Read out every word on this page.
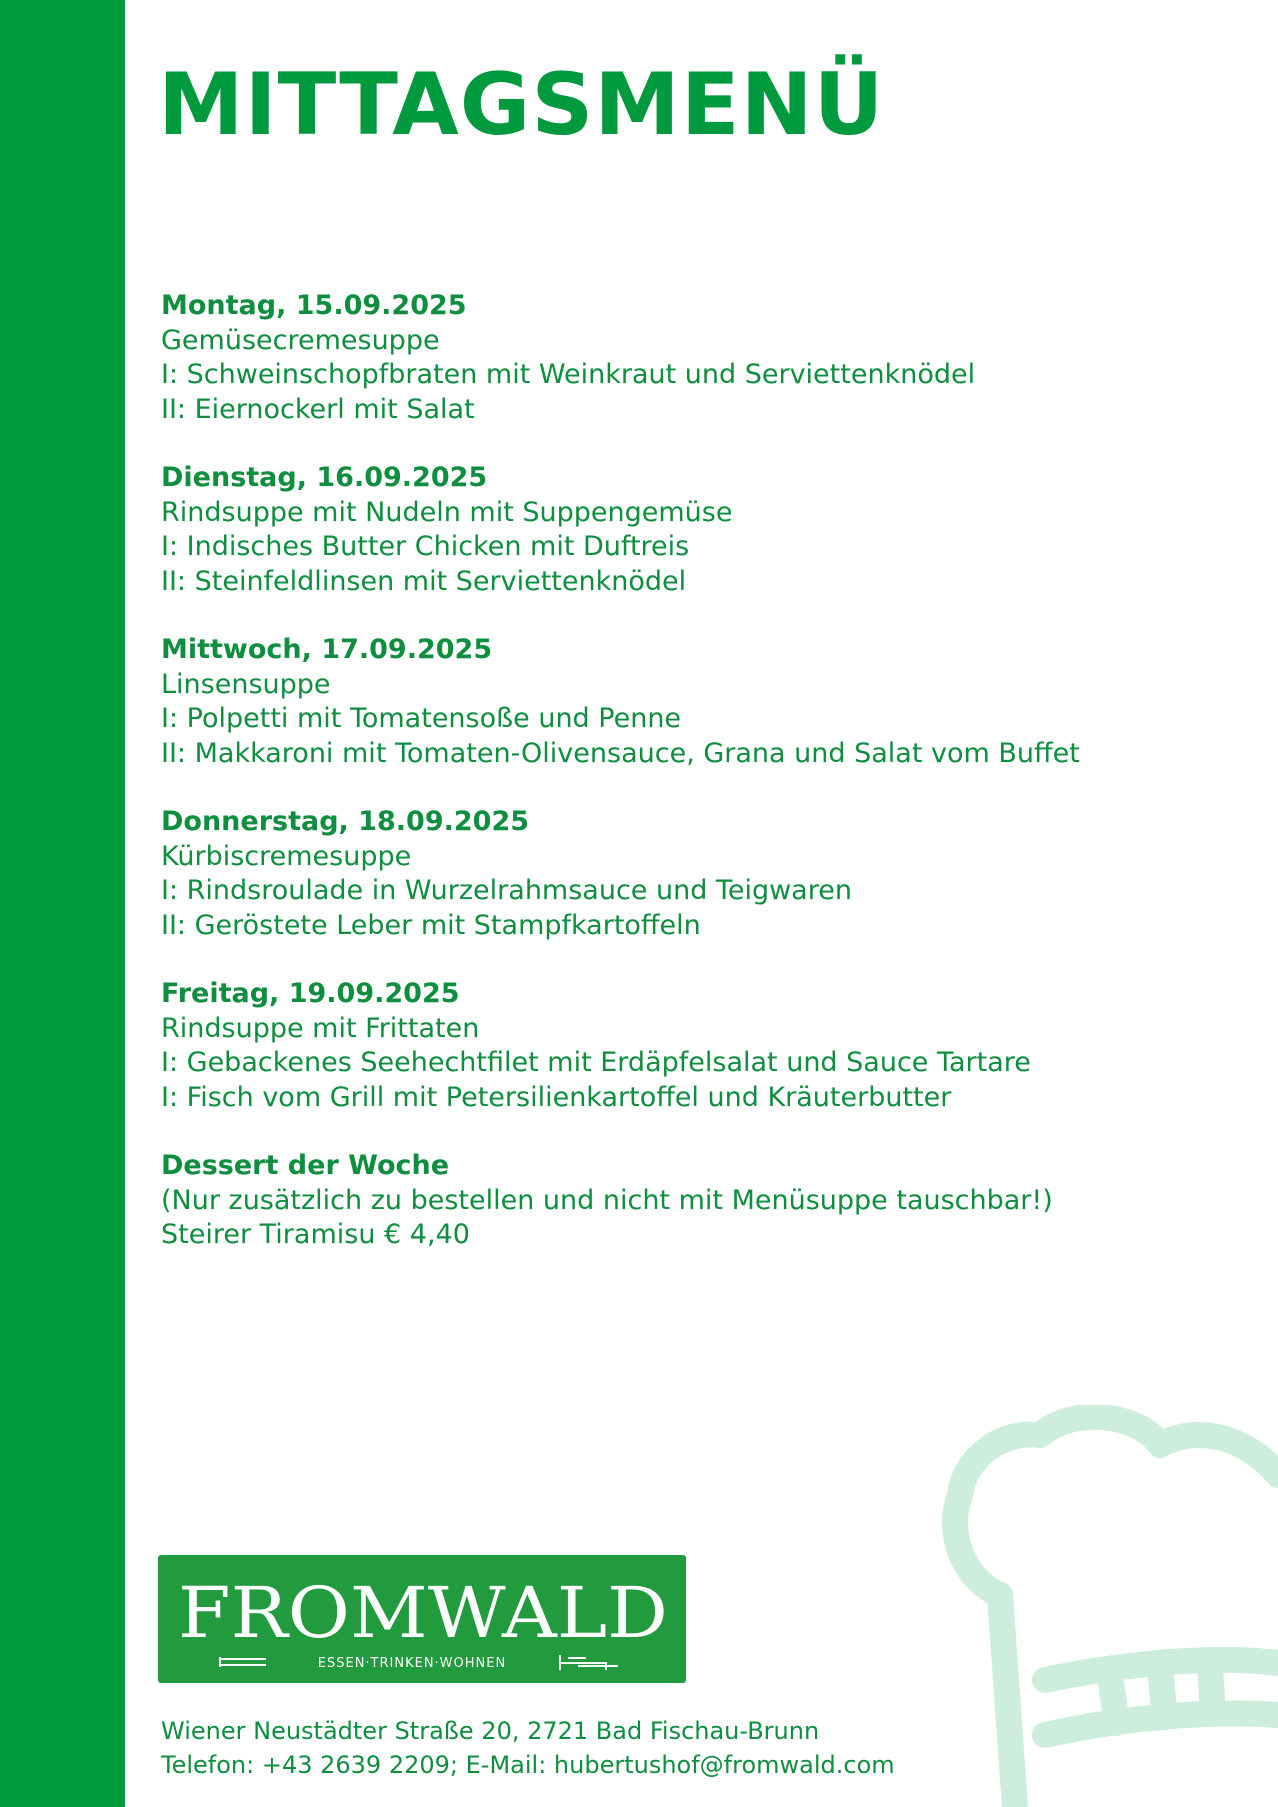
MITTAGSMENÜ
Montag, 15.09.2025
Gemüsecremesuppe
I: Schweinschopfbraten mit Weinkraut und Serviettenknödel
II: Eiernockerl mit Salat
Dienstag, 16.09.2025
Rindsuppe mit Nudeln mit Suppengemüse
I: Indisches Butter Chicken mit Duftreis
II: Steinfeldlinsen mit Serviettenknödel
Mittwoch, 17.09.2025
Linsensuppe
I: Polpetti mit Tomatensoße und Penne
II: Makkaroni mit Tomaten-Olivensauce, Grana und Salat vom Buffet
Donnerstag, 18.09.2025
Kürbiscremesuppe
I: Rindsroulade in Wurzelrahmsauce und Teigwaren
II: Geröstete Leber mit Stampfkartoffeln
Freitag, 19.09.2025
Rindsuppe mit Frittaten
I: Gebackenes Seehechtfilet mit Erdäpfelsalat und Sauce Tartare
I: Fisch vom Grill mit Petersilienkartoffel und Kräuterbutter
Dessert der Woche
(Nur zusätzlich zu bestellen und nicht mit Menüsuppe tauschbar!)
Steirer Tiramisu € 4,40
FROMWALD
ESSEN·TRINKEN·WOHNEN
Wiener Neustädter Straße 20, 2721 Bad Fischau-Brunn
Telefon: +43 2639 2209; E-Mail: hubertushof@fromwald.com
